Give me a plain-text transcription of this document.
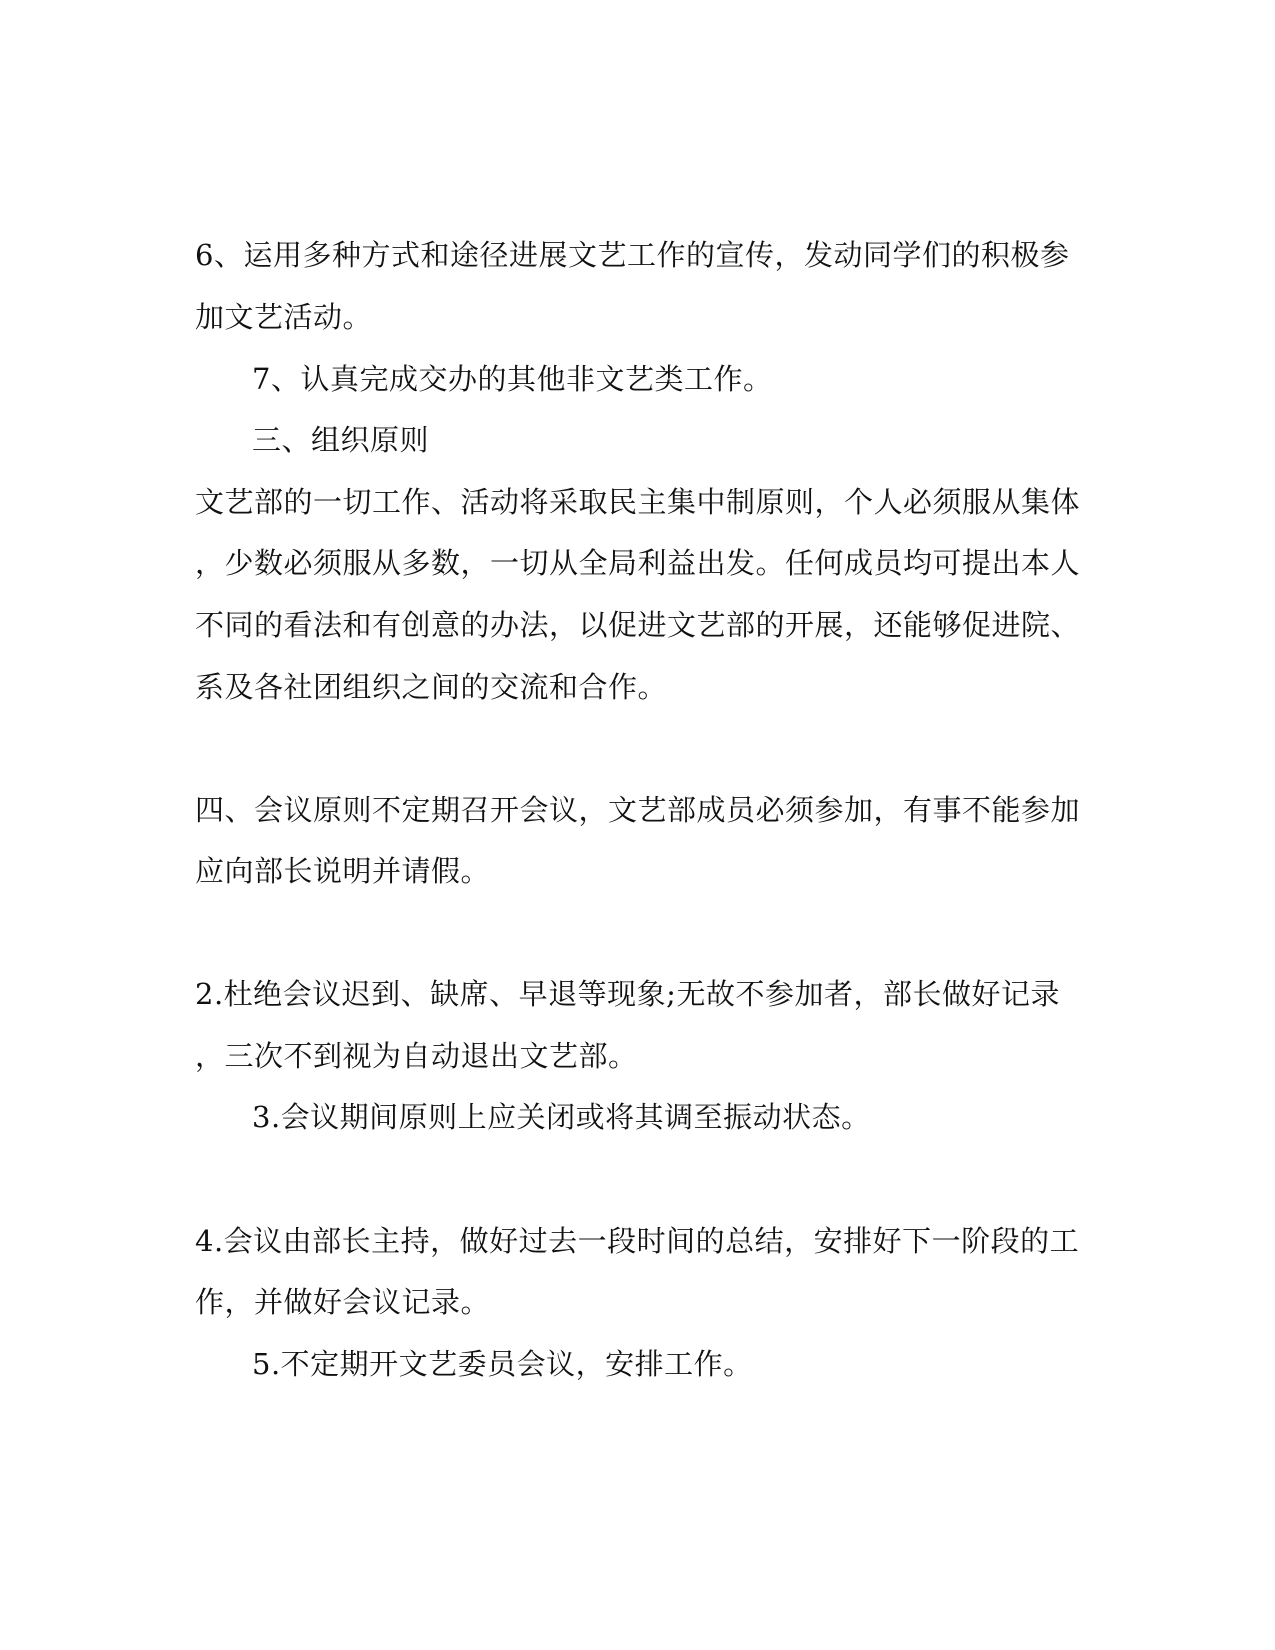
6、运用多种方式和途径进展文艺工作的宣传，发动同学们的积极参
加文艺活动。
7、认真完成交办的其他非文艺类工作。
三、组织原则
文艺部的一切工作、活动将采取民主集中制原则，个人必须服从集体
，少数必须服从多数，一切从全局利益出发。任何成员均可提出本人
不同的看法和有创意的办法，以促进文艺部的开展，还能够促进院、
系及各社团组织之间的交流和合作。
四、会议原则不定期召开会议，文艺部成员必须参加，有事不能参加
应向部长说明并请假。
2.杜绝会议迟到、缺席、早退等现象;无故不参加者，部长做好记录
，三次不到视为自动退出文艺部。
3.会议期间原则上应关闭或将其调至振动状态。
4.会议由部长主持，做好过去一段时间的总结，安排好下一阶段的工
作，并做好会议记录。
5.不定期开文艺委员会议，安排工作。
